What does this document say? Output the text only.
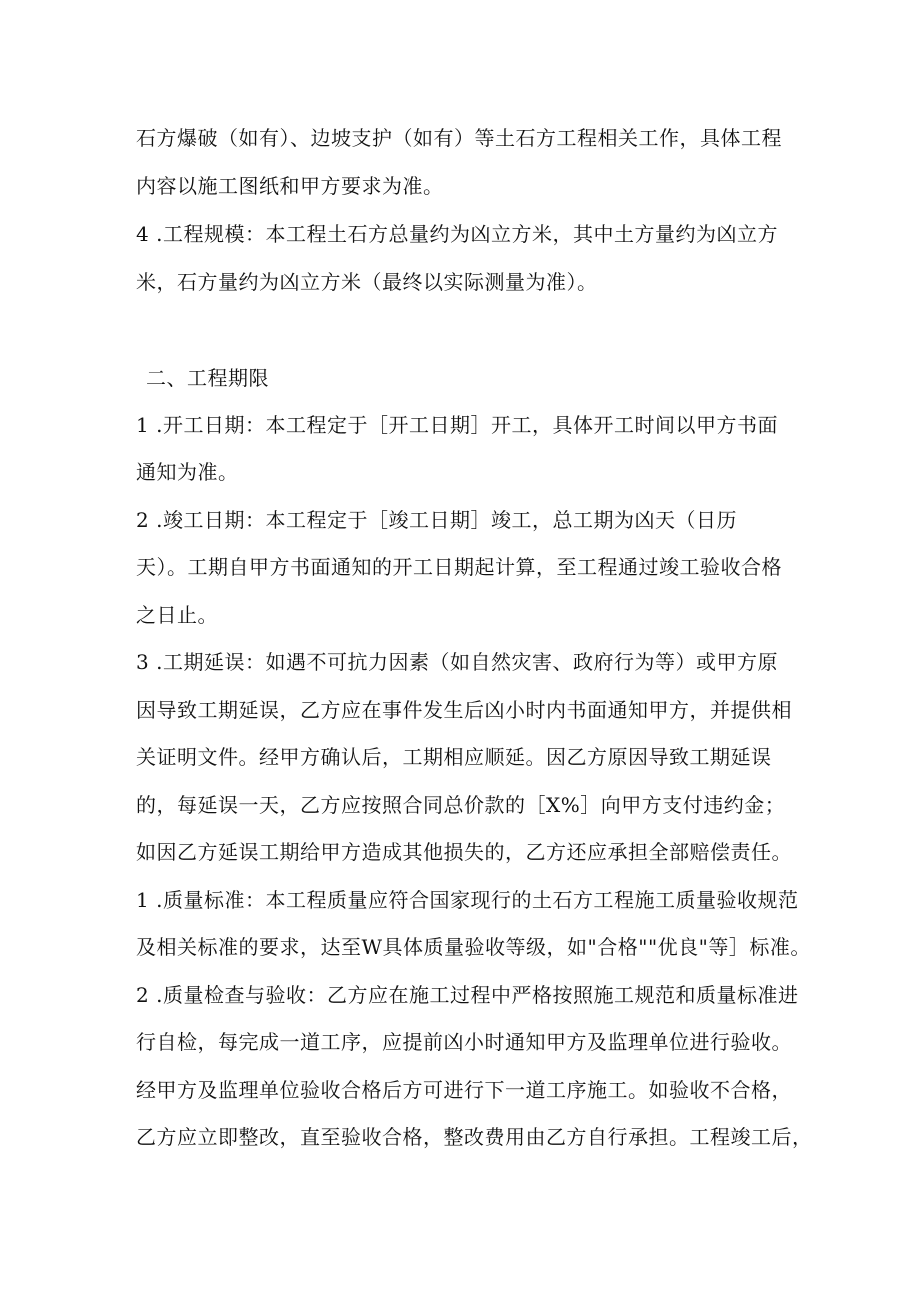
石方爆破（如有）、边坡支护（如有）等土石方工程相关工作，具体工程

内容以施工图纸和甲方要求为准。

4 .工程规模：本工程土石方总量约为凶立方米，其中土方量约为凶立方

米，石方量约为凶立方米（最终以实际测量为准）。

二、工程期限

1 .开工日期：本工程定于［开工日期］开工，具体开工时间以甲方书面

通知为准。

2 .竣工日期：本工程定于［竣工日期］竣工，总工期为凶天（日历

天）。工期自甲方书面通知的开工日期起计算，至工程通过竣工验收合格

之日止。

3 .工期延误：如遇不可抗力因素（如自然灾害、政府行为等）或甲方原

因导致工期延误，乙方应在事件发生后凶小时内书面通知甲方，并提供相

关证明文件。经甲方确认后，工期相应顺延。因乙方原因导致工期延误

的，每延误一天，乙方应按照合同总价款的［X%］向甲方支付违约金；

如因乙方延误工期给甲方造成其他损失的，乙方还应承担全部赔偿责任。

1 .质量标准：本工程质量应符合国家现行的土石方工程施工质量验收规范

及相关标准的要求，达至W具体质量验收等级，如"合格""优良"等］标准。

2 .质量检查与验收：乙方应在施工过程中严格按照施工规范和质量标准进

行自检，每完成一道工序，应提前凶小时通知甲方及监理单位进行验收。

经甲方及监理单位验收合格后方可进行下一道工序施工。如验收不合格，

乙方应立即整改，直至验收合格，整改费用由乙方自行承担。工程竣工后，
